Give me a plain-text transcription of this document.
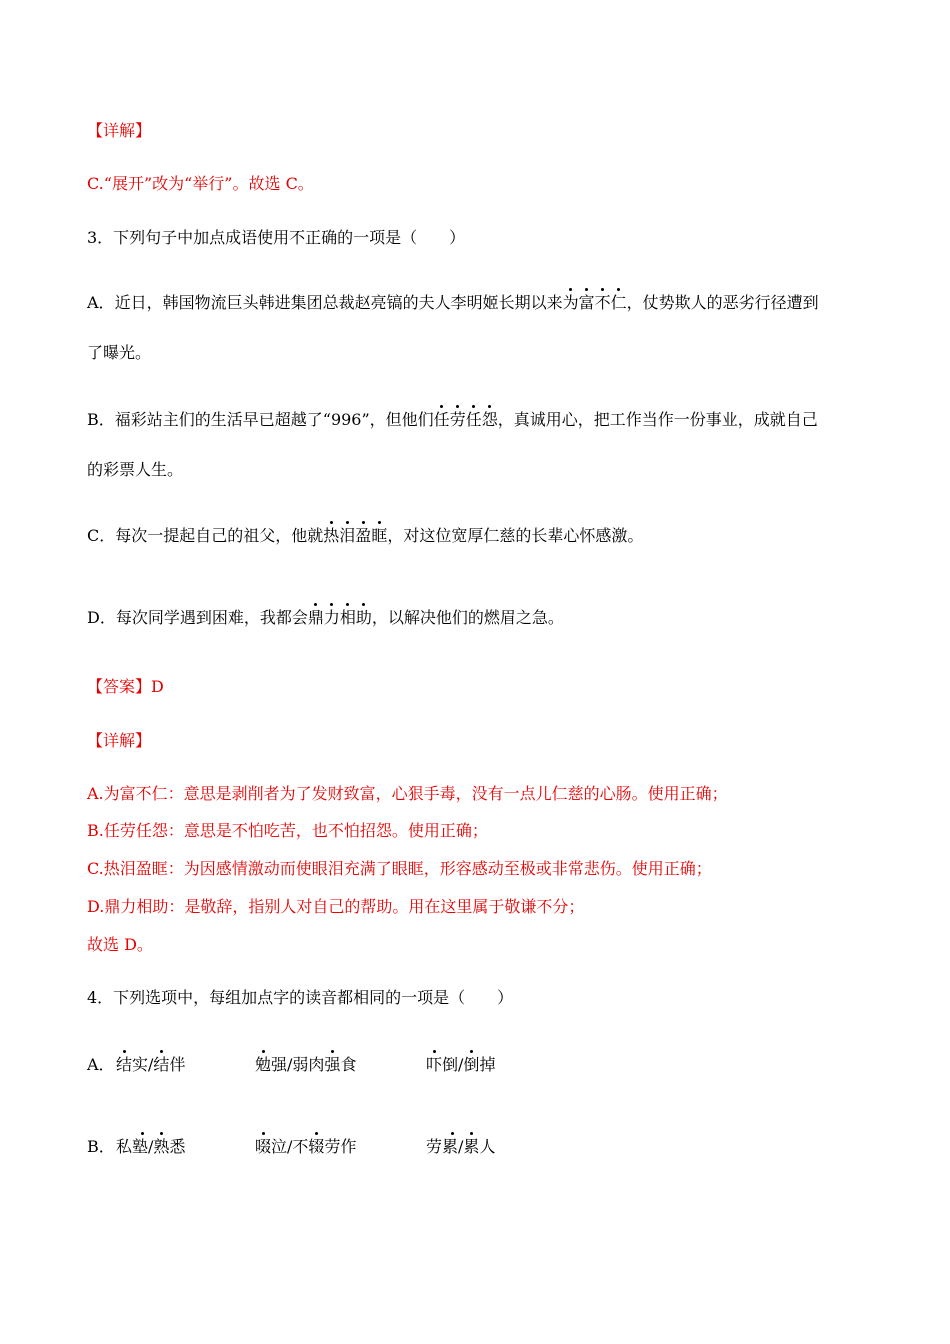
【详解】
C.“展开”改为“举行”。故选 C。
3．下列句子中加点成语使用不正确的一项是（　　）
A．近日，韩国物流巨头韩进集团总裁赵亮镐的夫人李明姬长期以来为富不仁，仗势欺人的恶劣行径遭到
了曝光。
B．福彩站主们的生活早已超越了“996”，但他们任劳任怨，真诚用心，把工作当作一份事业，成就自己
的彩票人生。
C．每次一提起自己的祖父，他就热泪盈眶，对这位宽厚仁慈的长辈心怀感激。
D．每次同学遇到困难，我都会鼎力相助，以解决他们的燃眉之急。
【答案】D
【详解】
A.为富不仁：意思是剥削者为了发财致富，心狠手毒，没有一点儿仁慈的心肠。使用正确；
B.任劳任怨：意思是不怕吃苦，也不怕招怨。使用正确；
C.热泪盈眶：为因感情激动而使眼泪充满了眼眶，形容感动至极或非常悲伤。使用正确；
D.鼎力相助：是敬辞，指别人对自己的帮助。用在这里属于敬谦不分；
故选 D。
4．下列选项中，每组加点字的读音都相同的一项是（　　）
A． 结实/结伴	勉强/弱肉强食	吓倒/倒掉
B． 私塾/熟悉	啜泣/不辍劳作	劳累/累人
